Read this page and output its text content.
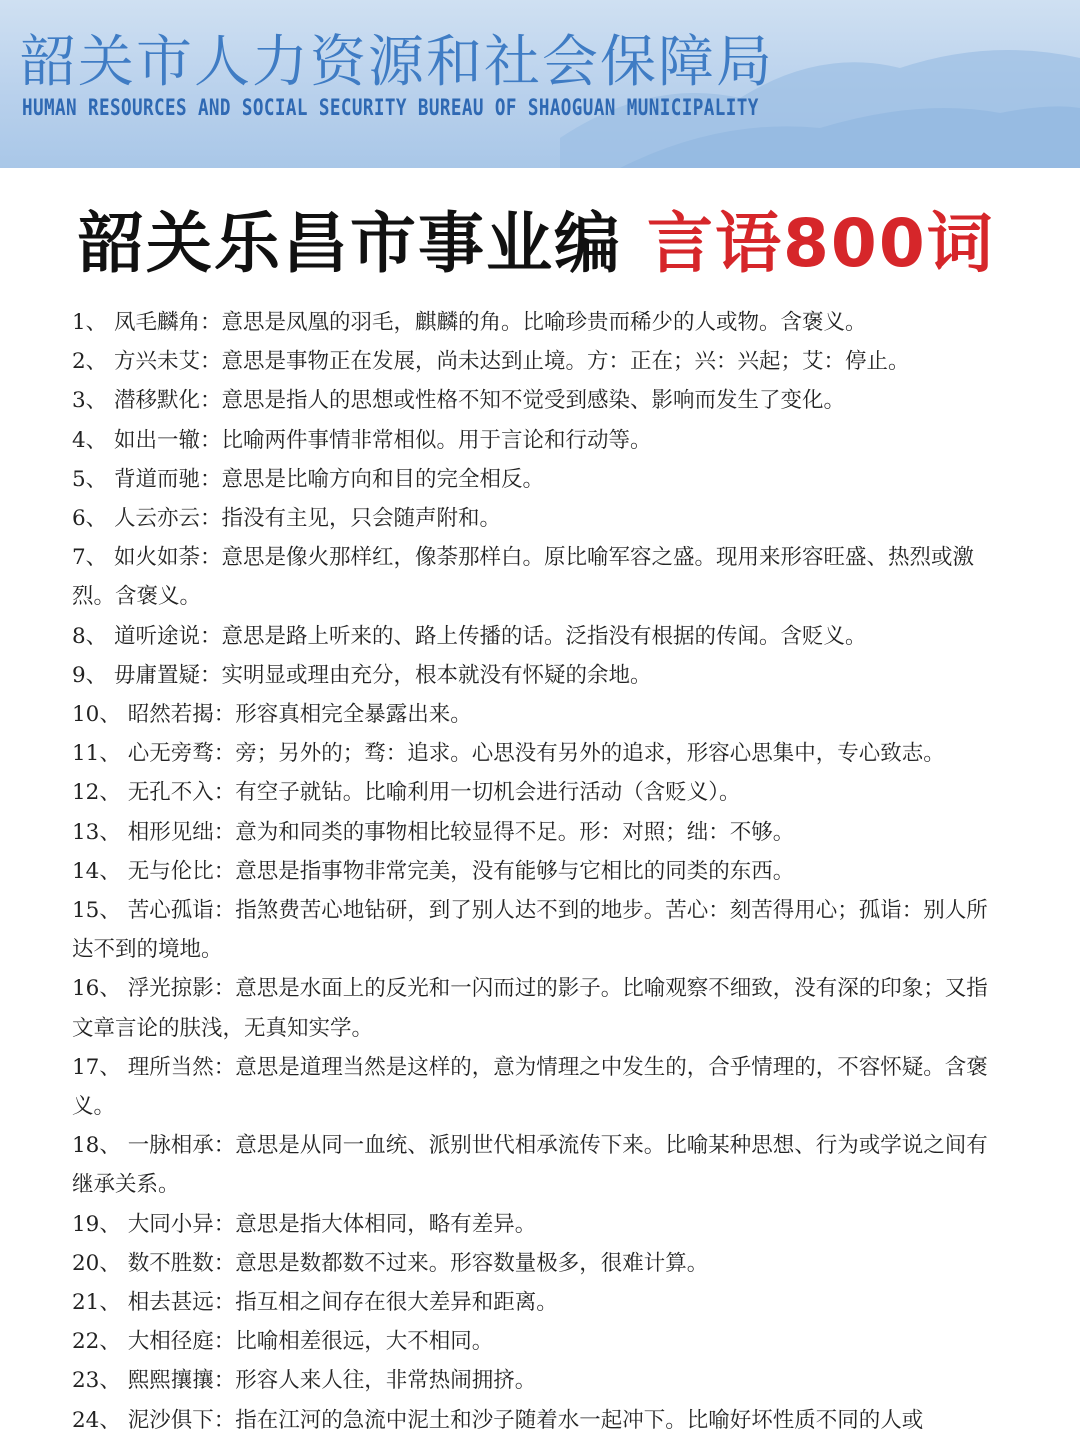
韶关市人力资源和社会保障局
HUMAN RESOURCES AND SOCIAL SECURITY BUREAU OF SHAOGUAN MUNICIPALITY
韶关乐昌市事业编 言语800词
1、 凤毛麟角：意思是凤凰的羽毛，麒麟的角。比喻珍贵而稀少的人或物。含褒义。
2、 方兴未艾：意思是事物正在发展，尚未达到止境。方：正在；兴：兴起；艾：停止。
3、 潜移默化：意思是指人的思想或性格不知不觉受到感染、影响而发生了变化。
4、 如出一辙：比喻两件事情非常相似。用于言论和行动等。
5、 背道而驰：意思是比喻方向和目的完全相反。
6、 人云亦云：指没有主见，只会随声附和。
7、 如火如荼：意思是像火那样红，像荼那样白。原比喻军容之盛。现用来形容旺盛、热烈或激烈。含褒义。
8、 道听途说：意思是路上听来的、路上传播的话。泛指没有根据的传闻。含贬义。
9、 毋庸置疑：实明显或理由充分，根本就没有怀疑的余地。
10、 昭然若揭：形容真相完全暴露出来。
11、 心无旁骛：旁；另外的；骛：追求。心思没有另外的追求，形容心思集中，专心致志。
12、 无孔不入：有空子就钻。比喻利用一切机会进行活动（含贬义）。
13、 相形见绌：意为和同类的事物相比较显得不足。形：对照；绌：不够。
14、 无与伦比：意思是指事物非常完美，没有能够与它相比的同类的东西。
15、 苦心孤诣：指煞费苦心地钻研，到了别人达不到的地步。苦心：刻苦得用心；孤诣：别人所达不到的境地。
16、 浮光掠影：意思是水面上的反光和一闪而过的影子。比喻观察不细致，没有深的印象；又指文章言论的肤浅，无真知实学。
17、 理所当然：意思是道理当然是这样的，意为情理之中发生的，合乎情理的，不容怀疑。含褒义。
18、 一脉相承：意思是从同一血统、派别世代相承流传下来。比喻某种思想、行为或学说之间有继承关系。
19、 大同小异：意思是指大体相同，略有差异。
20、 数不胜数：意思是数都数不过来。形容数量极多，很难计算。
21、 相去甚远：指互相之间存在很大差异和距离。
22、 大相径庭：比喻相差很远，大不相同。
23、 熙熙攘攘：形容人来人往，非常热闹拥挤。
24、 泥沙俱下：指在江河的急流中泥土和沙子随着水一起冲下。比喻好坏性质不同的人或
